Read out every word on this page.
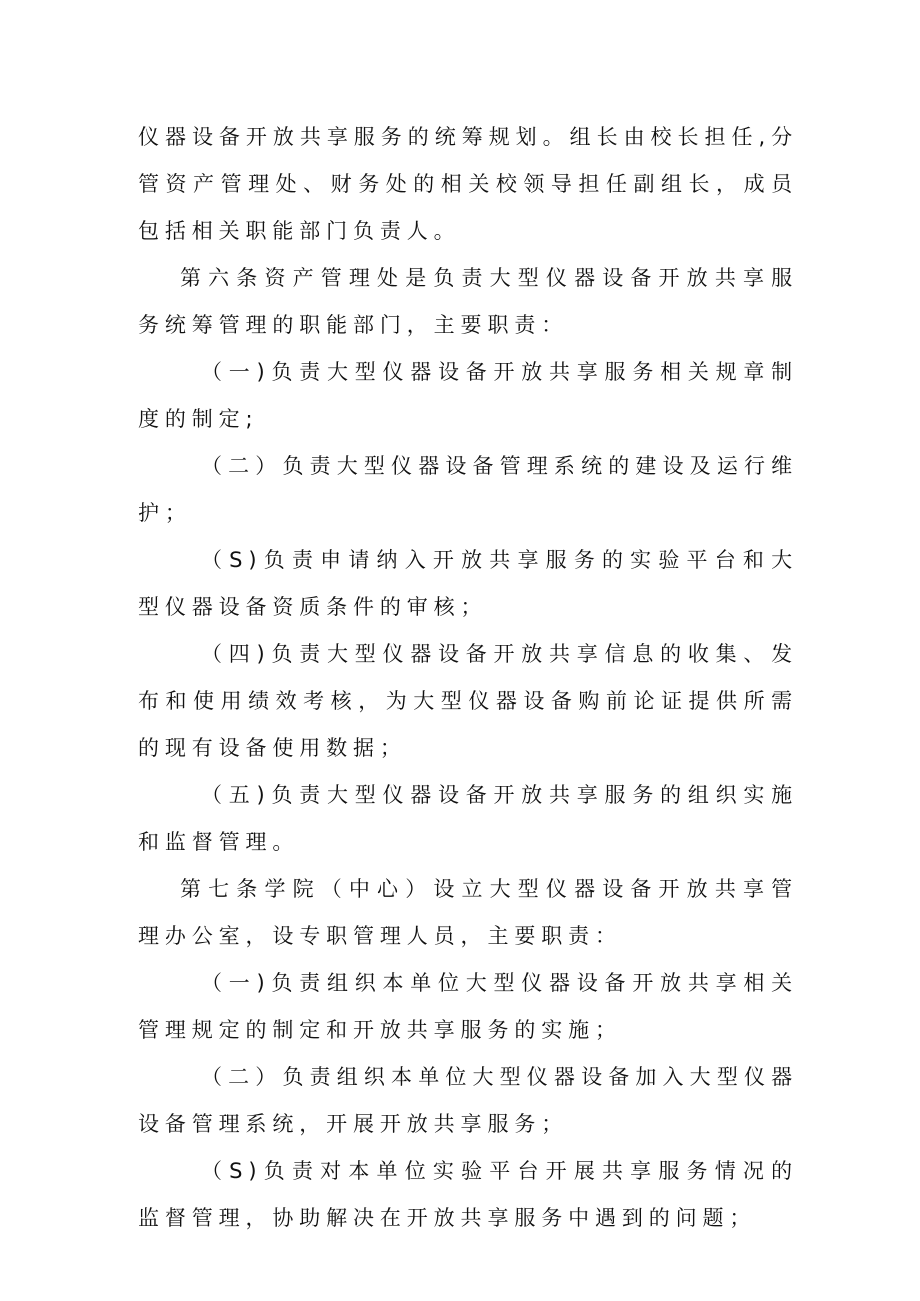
仪器设备开放共享服务的统筹规划。组长由校长担任,分管资产管理处、财务处的相关校领导担任副组长，成员包括相关职能部门负责人。

第六条资产管理处是负责大型仪器设备开放共享服务统筹管理的职能部门，主要职责：

（一)负责大型仪器设备开放共享服务相关规章制度的制定;

（二）负责大型仪器设备管理系统的建设及运行维护；

（S)负责申请纳入开放共享服务的实验平台和大型仪器设备资质条件的审核；

（四)负责大型仪器设备开放共享信息的收集、发布和使用绩效考核，为大型仪器设备购前论证提供所需的现有设备使用数据；

（五)负责大型仪器设备开放共享服务的组织实施和监督管理。

第七条学院（中心）设立大型仪器设备开放共享管理办公室，设专职管理人员，主要职责：

（一)负责组织本单位大型仪器设备开放共享相关管理规定的制定和开放共享服务的实施；

（二）负责组织本单位大型仪器设备加入大型仪器设备管理系统，开展开放共享服务；

（S)负责对本单位实验平台开展共享服务情况的监督管理，协助解决在开放共享服务中遇到的问题；
